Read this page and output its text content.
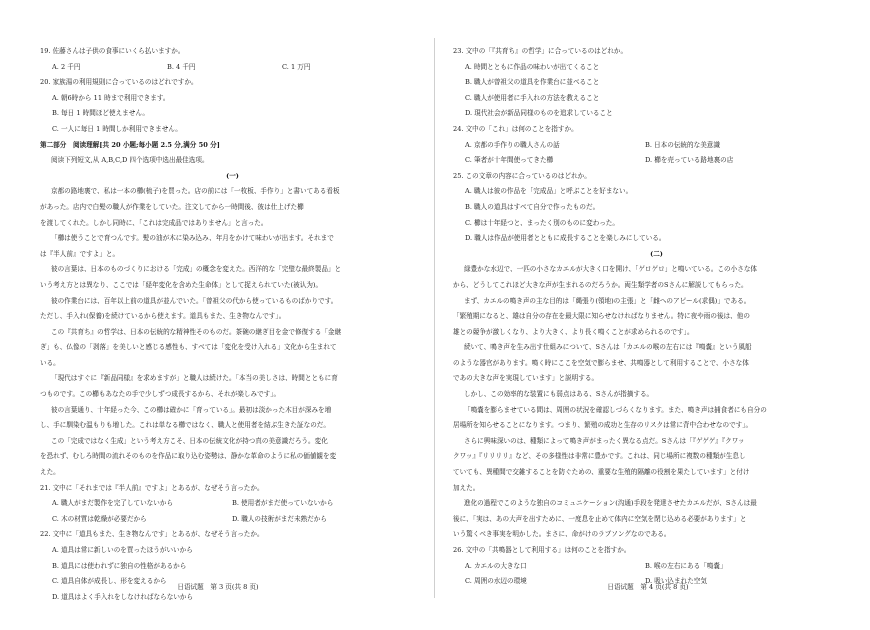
19. 佐藤さんは子供の食事にいくら払いますか。
A. 2 千円	B. 4 千円	C. 1 万円
20. 家族湯の利用規則に合っているのはどれですか。
A. 朝6時から 11 時まで利用できます。
B. 毎日 1 時間ほど使えません。
C. 一人に毎日 1 時間しか利用できません。
第二部分　阅读理解[共 20 小题;每小题 2.5 分,满分 50 分]
阅读下列短文,从 A,B,C,D 四个选项中选出最佳选项。
(一)
京都の路地裏で、私は一本の櫛(梳子)を買った。店の前には「一枚板、手作り」と書いてある看板
があった。店内で白髪の職人が作業をしていた。注文してから一時間後、彼は仕上げた櫛
を渡してくれた。しかし同時に、「これは完成品ではありません」と言った。
「櫛は使うことで育つんです。髪の油が木に染み込み、年月をかけて味わいが出ます。それまで
は『半人前』ですよ」と。
彼の言葉は、日本のものづくりにおける「完成」の概念を変えた。西洋的な「完璧な最終製品」と
いう考え方とは異なり、ここでは「経年変化を含めた生命体」として捉えられていた(被认为)。
彼の作業台には、百年以上前の道具が並んでいた。「曾祖父の代から使っているものばかりです。
ただし、手入れ(保養)を続けているから使えます。道具もまた、生き物なんです」。
この『共育ち』の哲学は、日本の伝統的な精神性そのものだ。茶碗の継ぎ目を金で修復する「金継
ぎ」も、仏像の「剥落」を美しいと感じる感性も、すべては「変化を受け入れる」文化から生まれて
いる。
「現代はすぐに『新品同様』を求めますが」と職人は続けた。「本当の美しさは、時間とともに育
つものです。この櫛もあなたの手で少しずつ成長するから、それが楽しみです」。
彼の言葉通り、十年経った今、この櫛は確かに「育っている」。最初は淡かった木目が深みを増
し、手に馴染む温もりも増した。これは単なる櫛ではなく、職人と使用者を結ぶ生きた証なのだ。
この「完成ではなく生成」という考え方こそ、日本の伝統文化が持つ真の美意識だろう。変化
を恐れず、むしろ時間の流れそのものを作品に取り込む姿勢は、静かな革命のように私の価値観を変
えた。
21. 文中に「それまでは『半人前』ですよ」とあるが、なぜそう言ったか。
A. 職人がまだ製作を完了していないから	B. 使用者がまだ使っていないから
C. 木の材質は乾燥が必要だから	D. 職人の技術がまだ未熟だから
22. 文中に「道具もまた、生き物なんです」とあるが、なぜそう言ったか。
A. 道具は常に新しいのを買ったほうがいいから
B. 道具には使われずに独自の性格があるから
C. 道具自体が成長し、形を変えるから
D. 道具はよく手入れをしなければならないから
日语试题　第 3 页(共 8 页)
23. 文中の「『共育ち』の哲学」に合っているのはどれか。
A. 時間とともに作品の味わいが出てくること
B. 職人が曾祖父の道具を作業台に並べること
C. 職人が使用者に手入れの方法を教えること
D. 現代社会が新品同様のものを追求していること
24. 文中の「これ」は何のことを指すか。
A. 京都の手作りの職人さんの話	B. 日本の伝統的な美意識
C. 筆者が十年間使ってきた櫛	D. 櫛を売っている路地裏の店
25. この文章の内容に合っているのはどれか。
A. 職人は彼の作品を「完成品」と呼ぶことを好まない。
B. 職人の道具はすべて自分で作ったものだ。
C. 櫛は十年経つと、まったく別のものに変わった。
D. 職人は作品が使用者とともに成長することを楽しみにしている。
(二)
緑豊かな水辺で、一匹の小さなカエルが大きく口を開け、「ゲロゲロ」と鳴いている。この小さな体
から、どうしてこれほど大きな声が生まれるのだろうか。両生類学者のSさんに解説してもらった。
まず、カエルの鳴き声の主な目的は「縄張り(領地)の主張」と「雌へのアピール(求偶)」である。
「繁殖期になると、雄は自分の存在を最大限に知らせなければなりません。特に夜や雨の後は、他の
雄との競争が激しくなり、より大きく、より長く鳴くことが求められるのです」。
続いて、鳴き声を生み出す仕組みについて、Sさんは「カエルの喉の左右には『鳴嚢』という風船
のような器官があります。鳴く時にここを空気で膨らませ、共鳴器として利用することで、小さな体
であの大きな声を実現しています」と説明する。
しかし、この効率的な装置にも弱点はある、Sさんが指摘する。
「鳴嚢を膨らませている間は、周囲の状況を確認しづらくなります。また、鳴き声は捕食者にも自分の
居場所を知らせることになります。つまり、繁殖の成功と生存のリスクは常に背中合わせなのです」。
さらに興味深いのは、種類によって鳴き声がまったく異なる点だ。Sさんは「『ゲゲゲ』『クワッ
クワッ』『リリリリ』など、その多様性は非常に豊かです。これは、同じ場所に複数の種類が生息し
ていても、異種間で交雑することを防ぐための、重要な生殖的隔離の役割を果たしています」と付け
加えた。
進化の過程でこのような独自のコミュニケーション(沟通)手段を発達させたカエルだが、Sさんは最
後に、「実は、あの大声を出すために、一度息を止めて体内に空気を閉じ込める必要があります」と
いう驚くべき事実を明かした。まさに、命がけのラブソングなのである。
26. 文中の「共鳴器として利用する」は何のことを指すか。
A. カエルの大きな口	B. 喉の左右にある「鳴嚢」
C. 周囲の水辺の環境	D. 吸い込まれた空気
日语试题　第 4 页(共 8 页)
